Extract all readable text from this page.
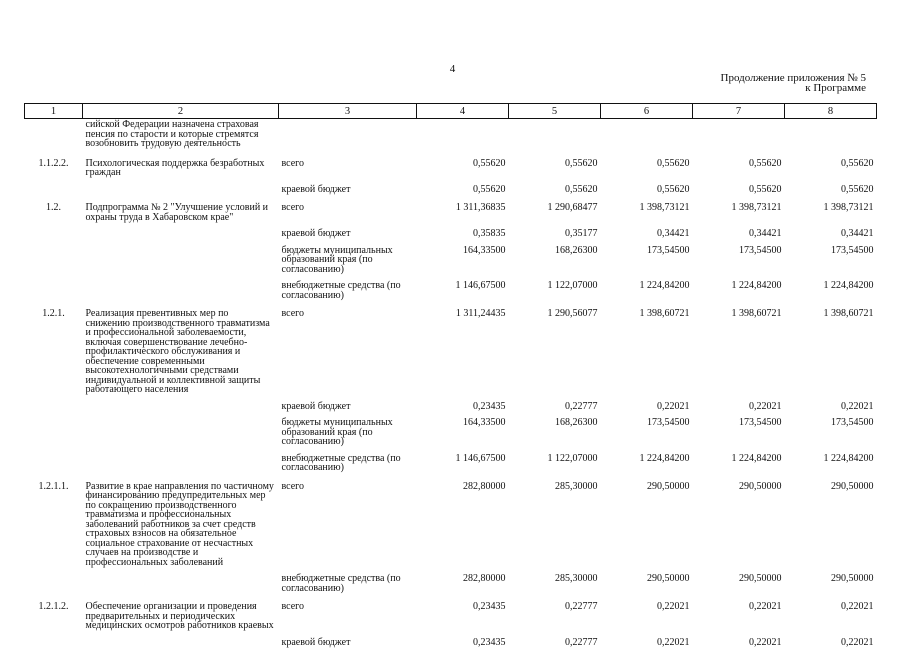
4
Продолжение приложения № 5
к Программе
1	2	3	4	5	6	7	8
	сийской Федерации назначена страховая пенсия по старости и которые стремятся возобновить трудовую деятельность						
1.1.2.2.	Психологическая поддержка безработных граждан	всего	0,55620	0,55620	0,55620	0,55620	0,55620
		краевой бюджет	0,55620	0,55620	0,55620	0,55620	0,55620
1.2.	Подпрограмма № 2 "Улучшение условий и охраны труда в Хабаровском крае"	всего	1 311,36835	1 290,68477	1 398,73121	1 398,73121	1 398,73121
		краевой бюджет	0,35835	0,35177	0,34421	0,34421	0,34421
		бюджеты муниципальных образований края (по согласованию)	164,33500	168,26300	173,54500	173,54500	173,54500
		внебюджетные средства (по согласованию)	1 146,67500	1 122,07000	1 224,84200	1 224,84200	1 224,84200
1.2.1.	Реализация превентивных мер по снижению производственного травматизма и профессиональной заболеваемости, включая совершенствование лечебно-профилактического обслуживания и обеспечение современными высокотехнологичными средствами индивидуальной и коллективной защиты работающего населения	всего	1 311,24435	1 290,56077	1 398,60721	1 398,60721	1 398,60721
		краевой бюджет	0,23435	0,22777	0,22021	0,22021	0,22021
		бюджеты муниципальных образований края (по согласованию)	164,33500	168,26300	173,54500	173,54500	173,54500
		внебюджетные средства (по согласованию)	1 146,67500	1 122,07000	1 224,84200	1 224,84200	1 224,84200
1.2.1.1.	Развитие в крае направления по частичному финансированию предупредительных мер по сокращению производственного травматизма и профессиональных заболеваний работников за счет средств страховых взносов на обязательное социальное страхование от несчастных случаев на производстве и профессиональных заболеваний	всего	282,80000	285,30000	290,50000	290,50000	290,50000
		внебюджетные средства (по согласованию)	282,80000	285,30000	290,50000	290,50000	290,50000
1.2.1.2.	Обеспечение организации и проведения предварительных и периодических медицинских осмотров работников краевых	всего	0,23435	0,22777	0,22021	0,22021	0,22021
		краевой бюджет	0,23435	0,22777	0,22021	0,22021	0,22021
